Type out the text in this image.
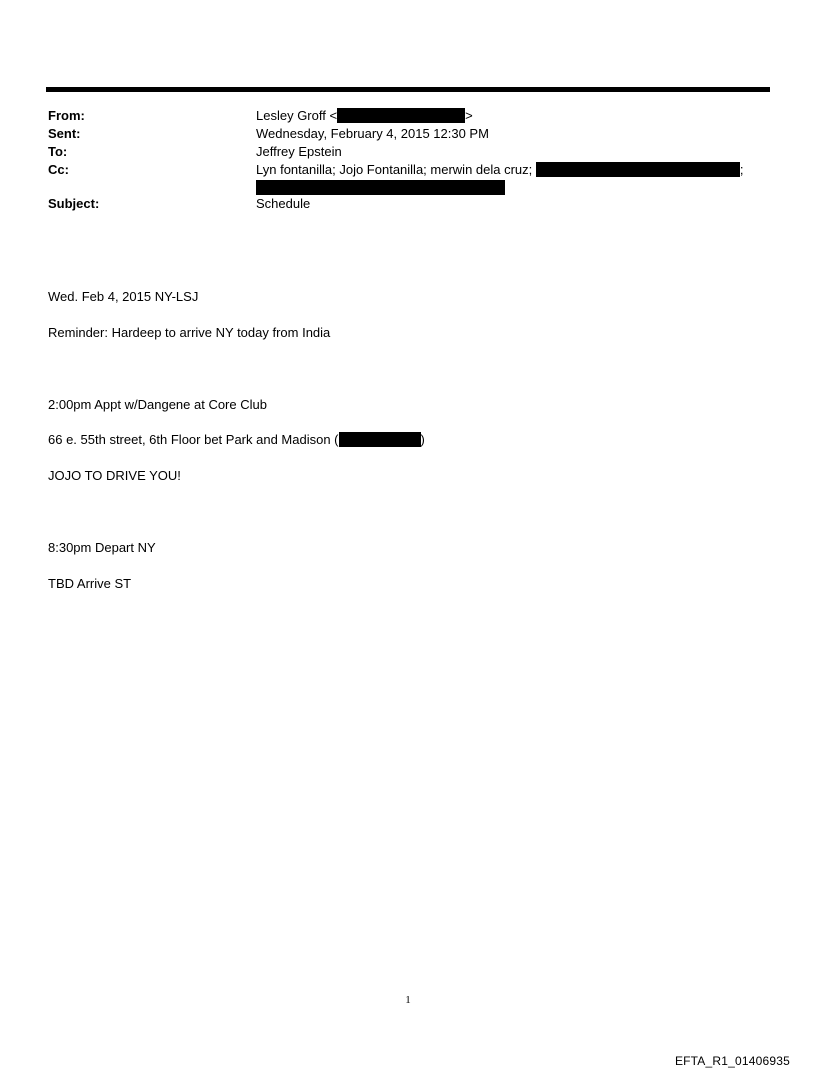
From:	Lesley Groff <	>
Sent:	Wednesday, February 4, 2015 12:30 PM
To:	Jeffrey Epstein
Cc:	Lyn fontanilla; Jojo Fontanilla; merwin dela cruz;	;
Subject:	Schedule
Wed. Feb 4, 2015 NY-LSJ
Reminder: Hardeep to arrive NY today from India
2:00pm Appt w/Dangene at Core Club
66 e. 55th street, 6th Floor bet Park and Madison (	)
JOJO TO DRIVE YOU!
8:30pm Depart NY
TBD Arrive ST
1
EFTA_R1_01406935
